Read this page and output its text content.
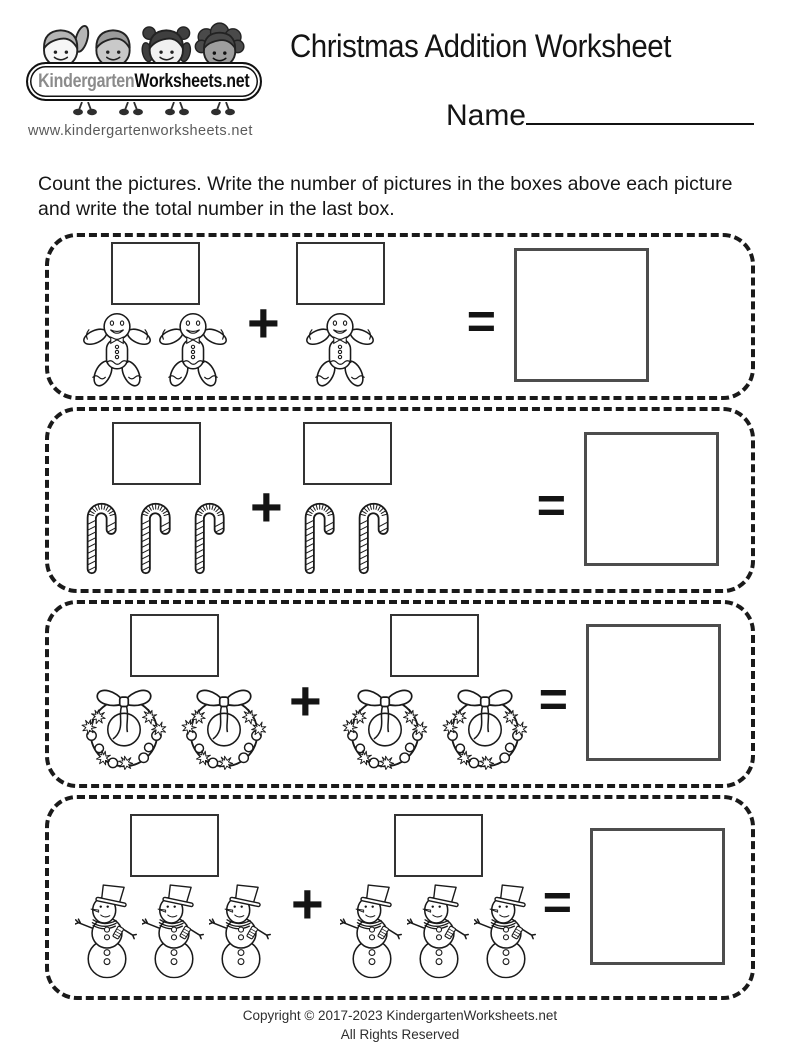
KindergartenWorksheets.net
www.kindergartenworksheets.net
Christmas Addition Worksheet
Name

Count the pictures. Write the number of pictures in the boxes above each picture and write the total number in the last box.

+	=
+	=
+	=
+	=
Copyright © 2017-2023 KindergartenWorksheets.net
All Rights Reserved
